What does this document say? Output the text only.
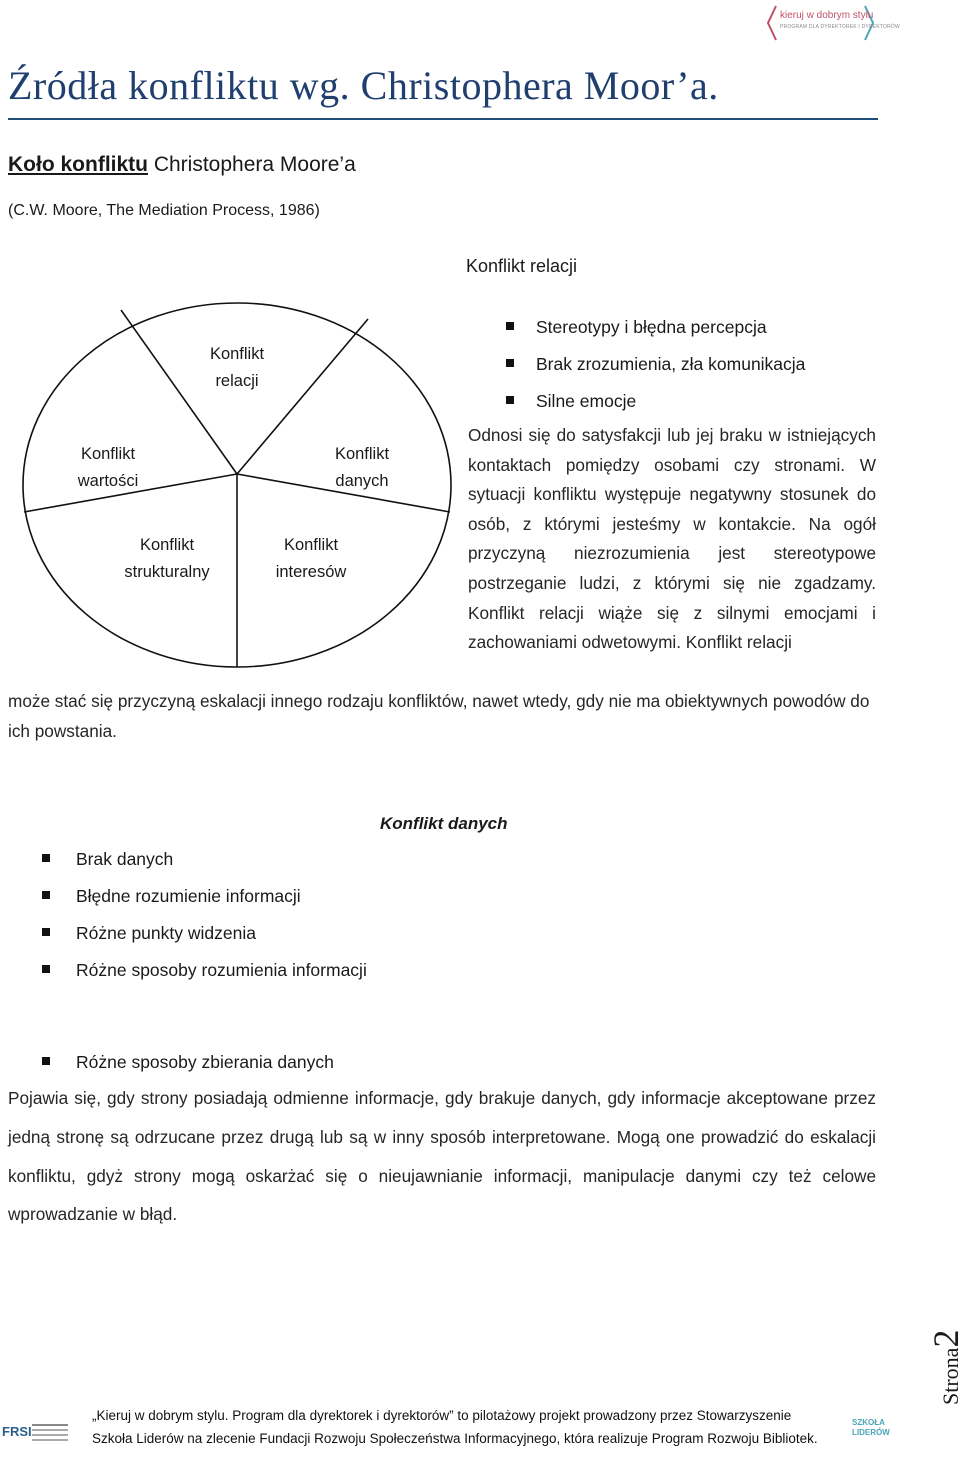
kieruj w dobrym stylu
PROGRAM DLA DYREKTOREK I DYREKTORÓW
Źródła konfliktu wg. Christophera Moor’a.
Koło konfliktu Christophera Moore’a
(C.W. Moore, The Mediation Process, 1986)
Konflikt
relacji
Konflikt
wartości
Konflikt
danych
Konflikt
strukturalny
Konflikt
interesów
Konflikt relacji
Stereotypy i błędna percepcja
Brak zrozumienia, zła komunikacja
Silne emocje
Odnosi się do satysfakcji lub jej braku w istniejących kontaktach pomiędzy osobami czy stronami. W sytuacji konfliktu występuje negatywny stosunek do osób, z którymi jesteśmy w kontakcie. Na ogół przyczyną niezrozumienia jest stereotypowe postrzeganie ludzi, z którymi się nie zgadzamy. Konflikt relacji wiąże się z silnymi emocjami i zachowaniami odwetowymi. Konflikt relacji
może stać się przyczyną eskalacji innego rodzaju konfliktów, nawet wtedy, gdy nie ma obiektywnych powodów do ich powstania.
Konflikt danych
Brak danych
Błędne rozumienie informacji
Różne punkty widzenia
Różne sposoby rozumienia informacji
Różne sposoby zbierania danych
Pojawia się, gdy strony posiadają odmienne informacje, gdy brakuje danych, gdy informacje akceptowane przez jedną stronę są odrzucane przez drugą lub są w inny sposób interpretowane. Mogą one prowadzić do eskalacji konfliktu, gdyż strony mogą oskarżać się o nieujawnianie informacji, manipulacje danymi czy też celowe wprowadzanie w błąd.
Strona2
FRSI
„Kieruj w dobrym stylu. Program dla dyrektorek i dyrektorów” to pilotażowy projekt prowadzony przez Stowarzyszenie
Szkoła Liderów na zlecenie Fundacji Rozwoju Społeczeństwa Informacyjnego, która realizuje Program Rozwoju Bibliotek.
SZKOŁA
LIDERÓW
